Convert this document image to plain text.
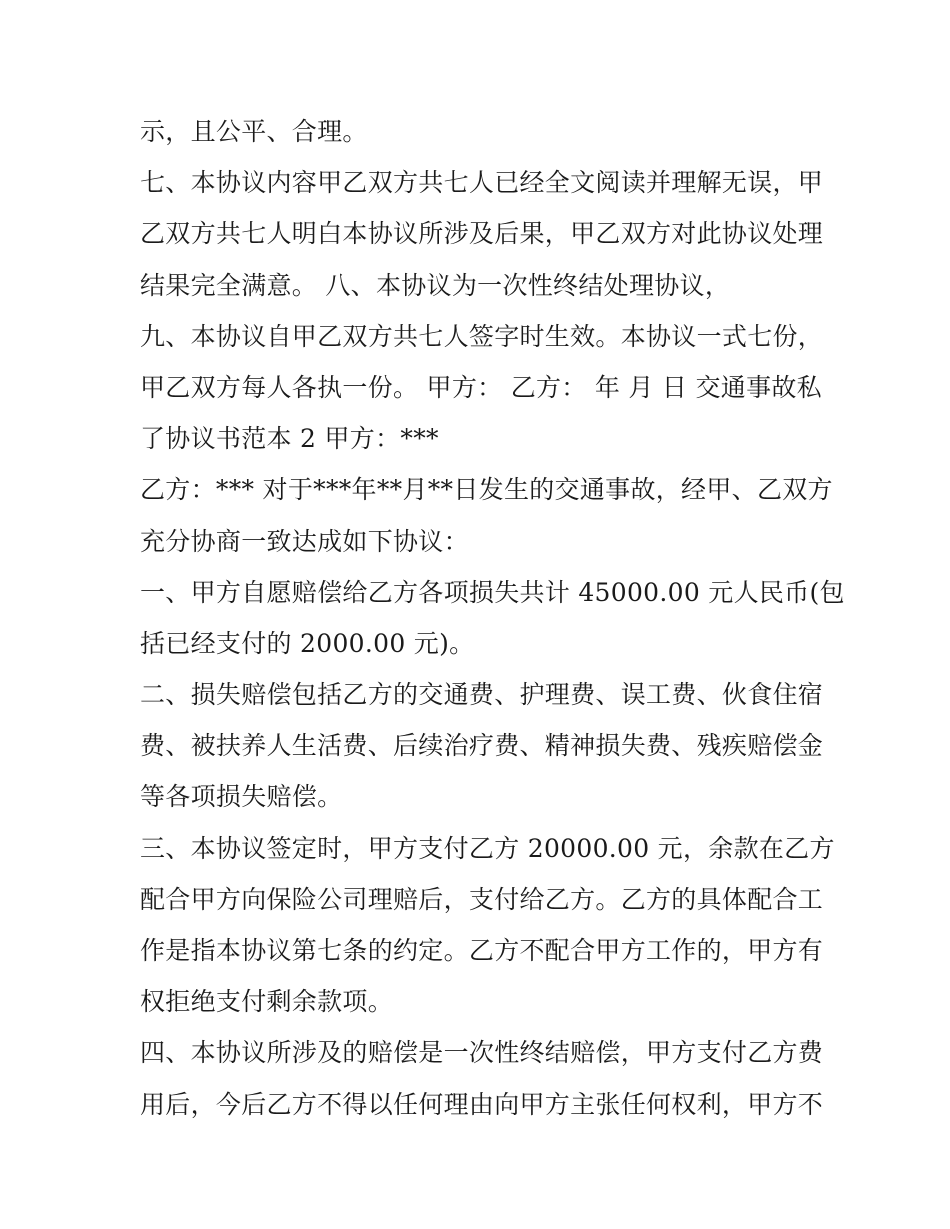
示，且公平、合理。
七、本协议内容甲乙双方共七人已经全文阅读并理解无误，甲
乙双方共七人明白本协议所涉及后果，甲乙双方对此协议处理
结果完全满意。 八、本协议为一次性终结处理协议，
九、本协议自甲乙双方共七人签字时生效。本协议一式七份，
甲乙双方每人各执一份。 甲方： 乙方： 年 月 日 交通事故私
了协议书范本 2 甲方：***
乙方：*** 对于***年**月**日发生的交通事故，经甲、乙双方
充分协商一致达成如下协议：
一、甲方自愿赔偿给乙方各项损失共计 45000.00 元人民币(包
括已经支付的 2000.00 元)。
二、损失赔偿包括乙方的交通费、护理费、误工费、伙食住宿
费、被扶养人生活费、后续治疗费、精神损失费、残疾赔偿金
等各项损失赔偿。
三、本协议签定时，甲方支付乙方 20000.00 元，余款在乙方
配合甲方向保险公司理赔后，支付给乙方。乙方的具体配合工
作是指本协议第七条的约定。乙方不配合甲方工作的，甲方有
权拒绝支付剩余款项。
四、本协议所涉及的赔偿是一次性终结赔偿，甲方支付乙方费
用后，今后乙方不得以任何理由向甲方主张任何权利，甲方不
